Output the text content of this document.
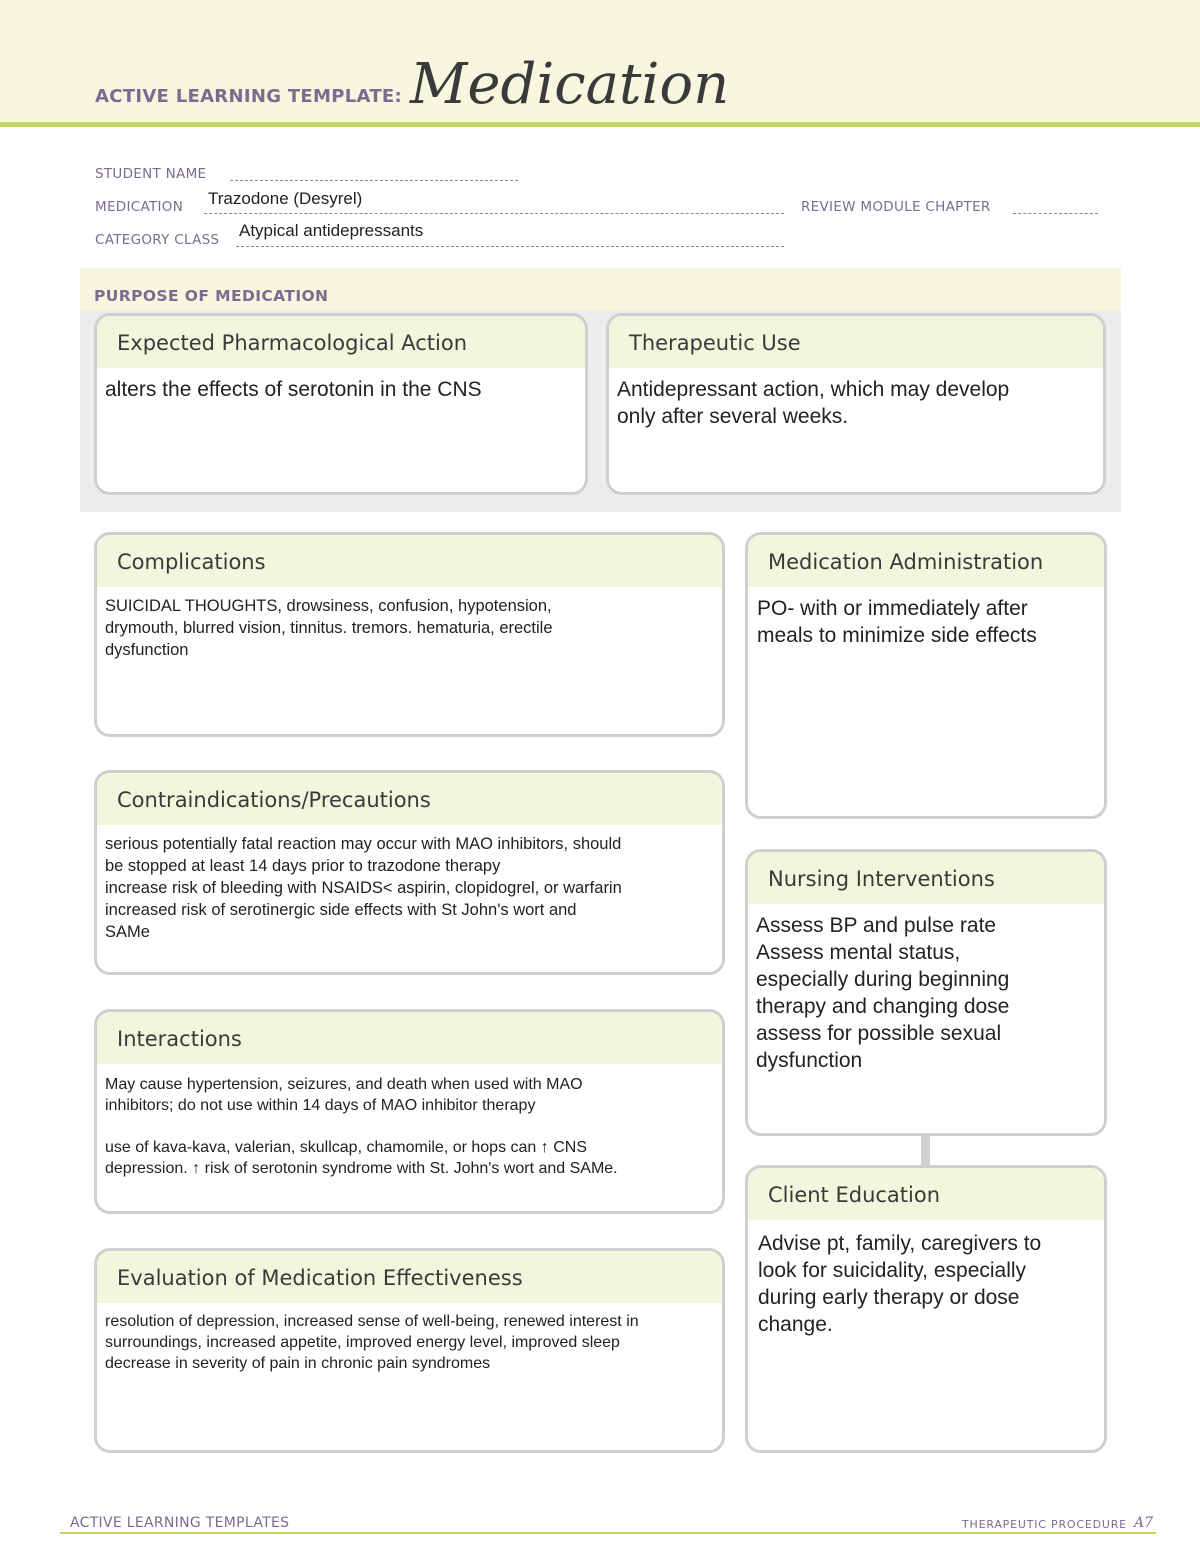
ACTIVE LEARNING TEMPLATE: Medication
STUDENT NAME
MEDICATION Trazodone (Desyrel)	REVIEW MODULE CHAPTER
CATEGORY CLASS Atypical antidepressants
PURPOSE OF MEDICATION
Expected Pharmacological Action
alters the effects of serotonin in the CNS
Therapeutic Use
Antidepressant action, which may develop
only after several weeks.
Complications
SUICIDAL THOUGHTS, drowsiness, confusion, hypotension,
drymouth, blurred vision, tinnitus. tremors. hematuria, erectile
dysfunction
Contraindications/Precautions
serious potentially fatal reaction may occur with MAO inhibitors, should
be stopped at least 14 days prior to trazodone therapy
increase risk of bleeding with NSAIDS< aspirin, clopidogrel, or warfarin
increased risk of serotinergic side effects with St John's wort and
SAMe
Interactions
May cause hypertension, seizures, and death when used with MAO
inhibitors; do not use within 14 days of MAO inhibitor therapy

use of kava-kava, valerian, skullcap, chamomile, or hops can ↑ CNS
depression. ↑ risk of serotonin syndrome with St. John's wort and SAMe.
Evaluation of Medication Effectiveness
resolution of depression, increased sense of well-being, renewed interest in
surroundings, increased appetite, improved energy level, improved sleep
decrease in severity of pain in chronic pain syndromes
Medication Administration
PO- with or immediately after
meals to minimize side effects
Nursing Interventions
Assess BP and pulse rate
Assess mental status,
especially during beginning
therapy and changing dose
assess for possible sexual
dysfunction
Client Education
Advise pt, family, caregivers to
look for suicidality, especially
during early therapy or dose
change.
ACTIVE LEARNING TEMPLATES	THERAPEUTIC PROCEDURE A7
